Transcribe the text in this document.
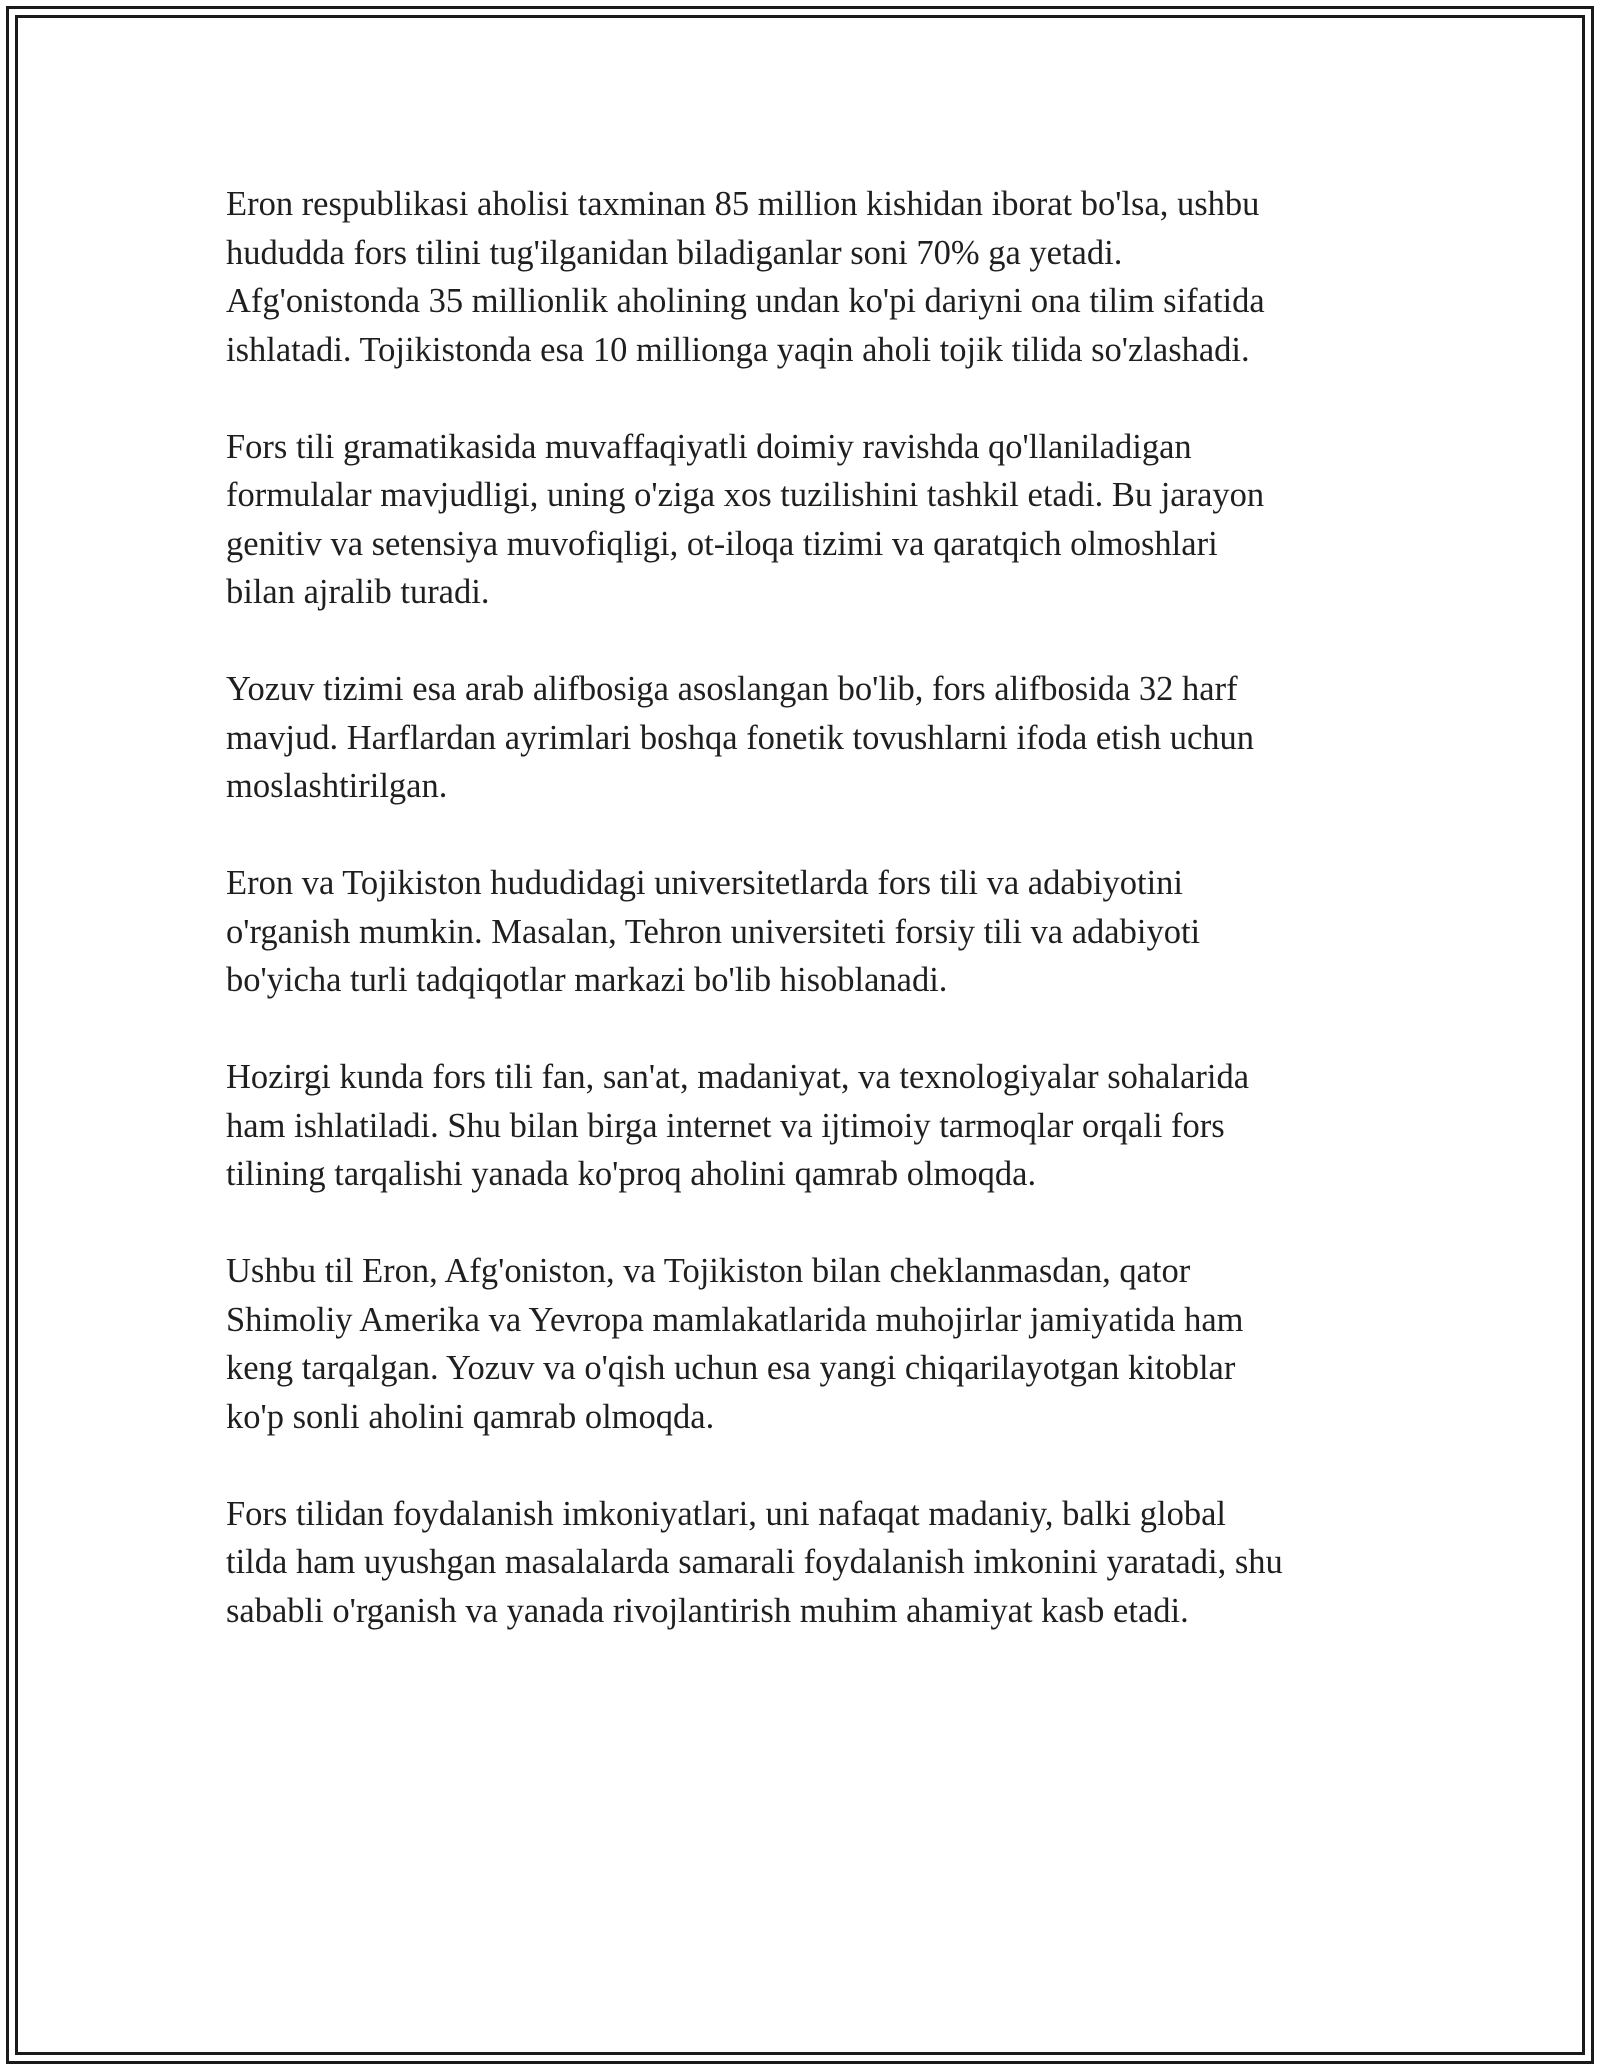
Eron respublikasi aholisi taxminan 85 million kishidan iborat bo'lsa, ushbu
hududda fors tilini tug'ilganidan biladiganlar soni 70% ga yetadi.
Afg'onistonda 35 millionlik aholining undan ko'pi dariyni ona tilim sifatida
ishlatadi. Tojikistonda esa 10 millionga yaqin aholi tojik tilida so'zlashadi.

Fors tili gramatikasida muvaffaqiyatli doimiy ravishda qo'llaniladigan
formulalar mavjudligi, uning o'ziga xos tuzilishini tashkil etadi. Bu jarayon
genitiv va setensiya muvofiqligi, ot-iloqa tizimi va qaratqich olmoshlari
bilan ajralib turadi.

Yozuv tizimi esa arab alifbosiga asoslangan bo'lib, fors alifbosida 32 harf
mavjud. Harflardan ayrimlari boshqa fonetik tovushlarni ifoda etish uchun
moslashtirilgan.

Eron va Tojikiston hududidagi universitetlarda fors tili va adabiyotini
o'rganish mumkin. Masalan, Tehron universiteti forsiy tili va adabiyoti
bo'yicha turli tadqiqotlar markazi bo'lib hisoblanadi.

Hozirgi kunda fors tili fan, san'at, madaniyat, va texnologiyalar sohalarida
ham ishlatiladi. Shu bilan birga internet va ijtimoiy tarmoqlar orqali fors
tilining tarqalishi yanada ko'proq aholini qamrab olmoqda.

Ushbu til Eron, Afg'oniston, va Tojikiston bilan cheklanmasdan, qator
Shimoliy Amerika va Yevropa mamlakatlarida muhojirlar jamiyatida ham
keng tarqalgan. Yozuv va o'qish uchun esa yangi chiqarilayotgan kitoblar
ko'p sonli aholini qamrab olmoqda.

Fors tilidan foydalanish imkoniyatlari, uni nafaqat madaniy, balki global
tilda ham uyushgan masalalarda samarali foydalanish imkonini yaratadi, shu
sababli o'rganish va yanada rivojlantirish muhim ahamiyat kasb etadi.
